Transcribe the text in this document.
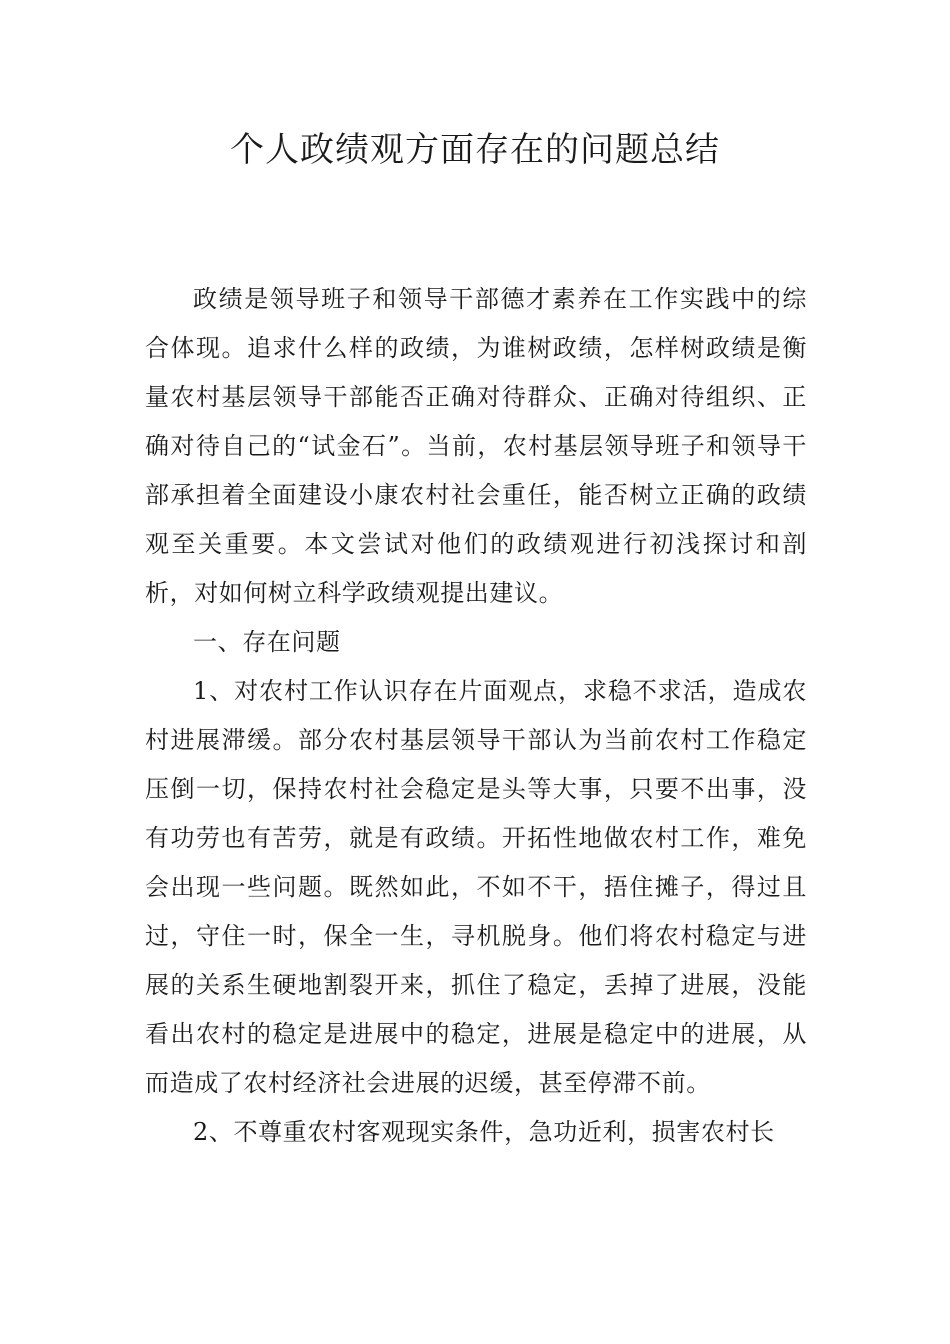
个人政绩观方面存在的问题总结

政绩是领导班子和领导干部德才素养在工作实践中的综合体现。追求什么样的政绩，为谁树政绩，怎样树政绩是衡量农村基层领导干部能否正确对待群众、正确对待组织、正确对待自己的“试金石”。当前，农村基层领导班子和领导干部承担着全面建设小康农村社会重任，能否树立正确的政绩观至关重要。本文尝试对他们的政绩观进行初浅探讨和剖析，对如何树立科学政绩观提出建议。

一、存在问题

1、对农村工作认识存在片面观点，求稳不求活，造成农村进展滞缓。部分农村基层领导干部认为当前农村工作稳定压倒一切，保持农村社会稳定是头等大事，只要不出事，没有功劳也有苦劳，就是有政绩。开拓性地做农村工作，难免会出现一些问题。既然如此，不如不干，捂住摊子，得过且过，守住一时，保全一生，寻机脱身。他们将农村稳定与进展的关系生硬地割裂开来，抓住了稳定，丢掉了进展，没能看出农村的稳定是进展中的稳定，进展是稳定中的进展，从而造成了农村经济社会进展的迟缓，甚至停滞不前。

2、不尊重农村客观现实条件，急功近利，损害农村长
